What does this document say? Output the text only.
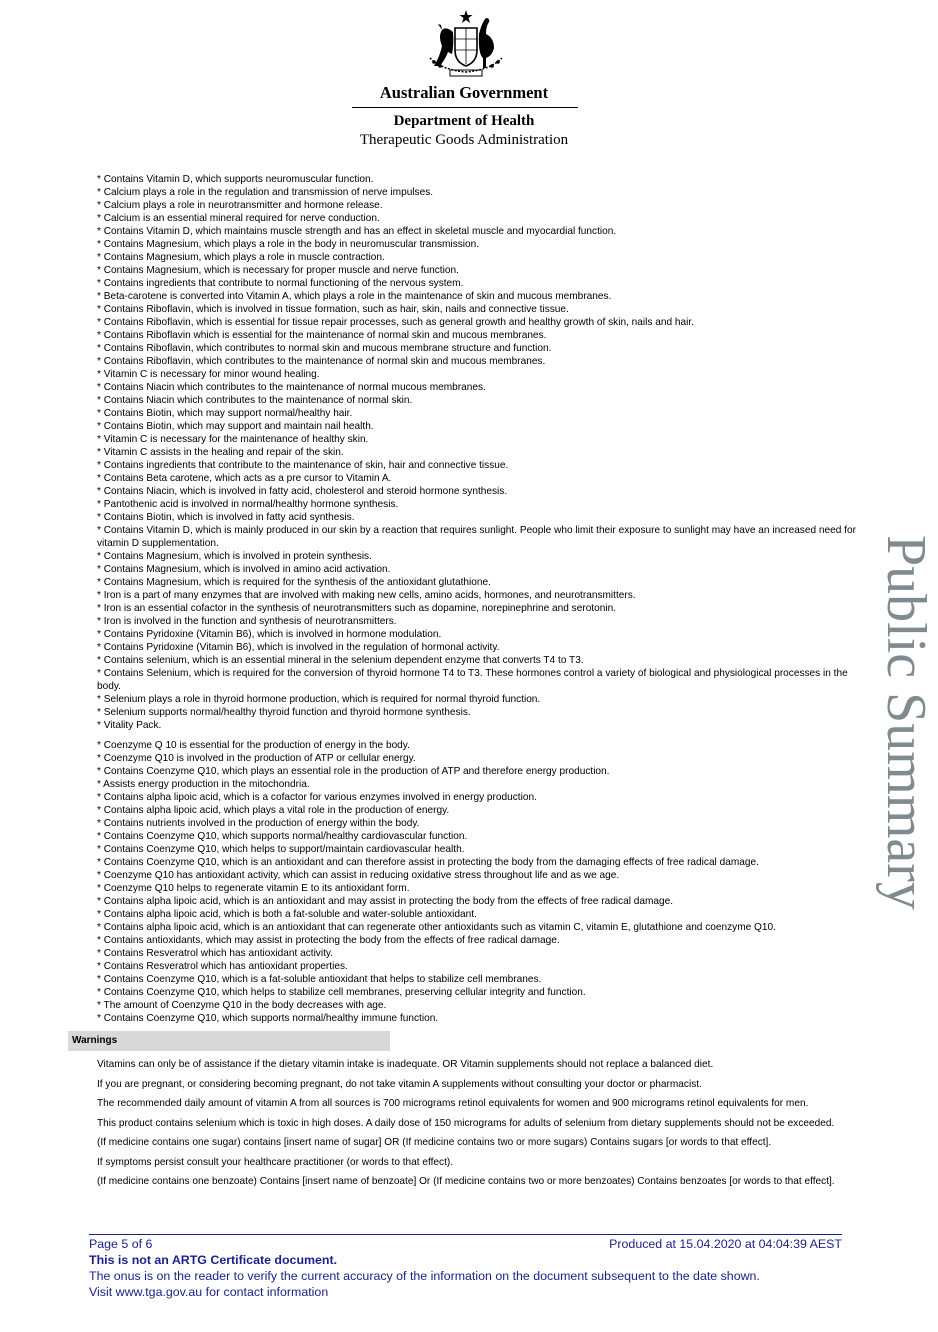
Australian Government
Department of Health
Therapeutic Goods Administration
Public Summary
* Contains Vitamin D, which supports neuromuscular function.
* Calcium plays a role in the regulation and transmission of nerve impulses.
* Calcium plays a role in neurotransmitter and hormone release.
* Calcium is an essential mineral required for nerve conduction.
* Contains Vitamin D, which maintains muscle strength and has an effect in skeletal muscle and myocardial function.
* Contains Magnesium, which plays a role in the body in neuromuscular transmission.
* Contains Magnesium, which plays a role in muscle contraction.
* Contains Magnesium, which is necessary for proper muscle and nerve function.
* Contains ingredients that contribute to normal functioning of the nervous system.
* Beta-carotene is converted into Vitamin A, which plays a role in the maintenance of skin and mucous membranes.
* Contains Riboflavin, which is involved in tissue formation, such as hair, skin, nails and connective tissue.
* Contains Riboflavin, which is essential for tissue repair processes, such as general growth and healthy growth of skin, nails and hair.
* Contains Riboflavin which is essential for the maintenance of normal skin and mucous membranes.
* Contains Riboflavin, which contributes to normal skin and mucous membrane structure and function.
* Contains Riboflavin, which contributes to the maintenance of normal skin and mucous membranes.
* Vitamin C is necessary for minor wound healing.
* Contains Niacin which contributes to the maintenance of normal mucous membranes.
* Contains Niacin which contributes to the maintenance of normal skin.
* Contains Biotin, which may support normal/healthy hair.
* Contains Biotin, which may support and maintain nail health.
* Vitamin C is necessary for the maintenance of healthy skin.
* Vitamin C assists in the healing and repair of the skin.
* Contains ingredients that contribute to the maintenance of skin, hair and connective tissue.
* Contains Beta carotene, which acts as a pre cursor to Vitamin A.
* Contains Niacin, which is involved in fatty acid, cholesterol and steroid hormone synthesis.
* Pantothenic acid is involved in normal/healthy hormone synthesis.
* Contains Biotin, which is involved in fatty acid synthesis.
* Contains Vitamin D, which is mainly produced in our skin by a reaction that requires sunlight. People who limit their exposure to sunlight may have an increased need for vitamin D supplementation.
* Contains Magnesium, which is involved in protein synthesis.
* Contains Magnesium, which is involved in amino acid activation.
* Contains Magnesium, which is required for the synthesis of the antioxidant glutathione.
* Iron is a part of many enzymes that are involved with making new cells, amino acids, hormones, and neurotransmitters.
* Iron is an essential cofactor in the synthesis of neurotransmitters such as dopamine, norepinephrine and serotonin.
* Iron is involved in the function and synthesis of neurotransmitters.
* Contains Pyridoxine (Vitamin B6), which is involved in hormone modulation.
* Contains Pyridoxine (Vitamin B6), which is involved in the regulation of hormonal activity.
* Contains selenium, which is an essential mineral in the selenium dependent enzyme that converts T4 to T3.
* Contains Selenium, which is required for the conversion of thyroid hormone T4 to T3. These hormones control a variety of biological and physiological processes in the body.
* Selenium plays a role in thyroid hormone production, which is required for normal thyroid function.
* Selenium supports normal/healthy thyroid function and thyroid hormone synthesis.
* Vitality Pack.
* Coenzyme Q 10 is essential for the production of energy in the body.
* Coenzyme Q10 is involved in the production of ATP or cellular energy.
* Contains Coenzyme Q10, which plays an essential role in the production of ATP and therefore energy production.
* Assists energy production in the mitochondria.
* Contains alpha lipoic acid, which is a cofactor for various enzymes involved in energy production.
* Contains alpha lipoic acid, which plays a vital role in the production of energy.
* Contains nutrients involved in the production of energy within the body.
* Contains Coenzyme Q10, which supports normal/healthy cardiovascular function.
* Contains Coenzyme Q10, which helps to support/maintain cardiovascular health.
* Contains Coenzyme Q10, which is an antioxidant and can therefore assist in protecting the body from the damaging effects of free radical damage.
* Coenzyme Q10 has antioxidant activity, which can assist in reducing oxidative stress throughout life and as we age.
* Coenzyme Q10 helps to regenerate vitamin E to its antioxidant form.
* Contains alpha lipoic acid, which is an antioxidant and may assist in protecting the body from the effects of free radical damage.
* Contains alpha lipoic acid, which is both a fat-soluble and water-soluble antioxidant.
* Contains alpha lipoic acid, which is an antioxidant that can regenerate other antioxidants such as vitamin C, vitamin E, glutathione and coenzyme Q10.
* Contains antioxidants, which may assist in protecting the body from the effects of free radical damage.
* Contains Resveratrol which has antioxidant activity.
* Contains Resveratrol which has antioxidant properties.
* Contains Coenzyme Q10, which is a fat-soluble antioxidant that helps to stabilize cell membranes.
* Contains Coenzyme Q10, which helps to stabilize cell membranes, preserving cellular integrity and function.
* The amount of Coenzyme Q10 in the body decreases with age.
* Contains Coenzyme Q10, which supports normal/healthy immune function.
Warnings
Vitamins can only be of assistance if the dietary vitamin intake is inadequate. OR Vitamin supplements should not replace a balanced diet.
If you are pregnant, or considering becoming pregnant, do not take vitamin A supplements without consulting your doctor or pharmacist.
The recommended daily amount of vitamin A from all sources is 700 micrograms retinol equivalents for women and 900 micrograms retinol equivalents for men.
This product contains selenium which is toxic in high doses. A daily dose of 150 micrograms for adults of selenium from dietary supplements should not be exceeded.
(If medicine contains one sugar) contains [insert name of sugar] OR (If medicine contains two or more sugars) Contains sugars [or words to that effect].
If symptoms persist consult your healthcare practitioner (or words to that effect).
(If medicine contains one benzoate) Contains [insert name of benzoate] Or (If medicine contains two or more benzoates) Contains benzoates [or words to that effect].
Page 5 of 6	Produced at 15.04.2020 at 04:04:39 AEST
This is not an ARTG Certificate document.
The onus is on the reader to verify the current accuracy of the information on the document subsequent to the date shown.
Visit www.tga.gov.au for contact information
